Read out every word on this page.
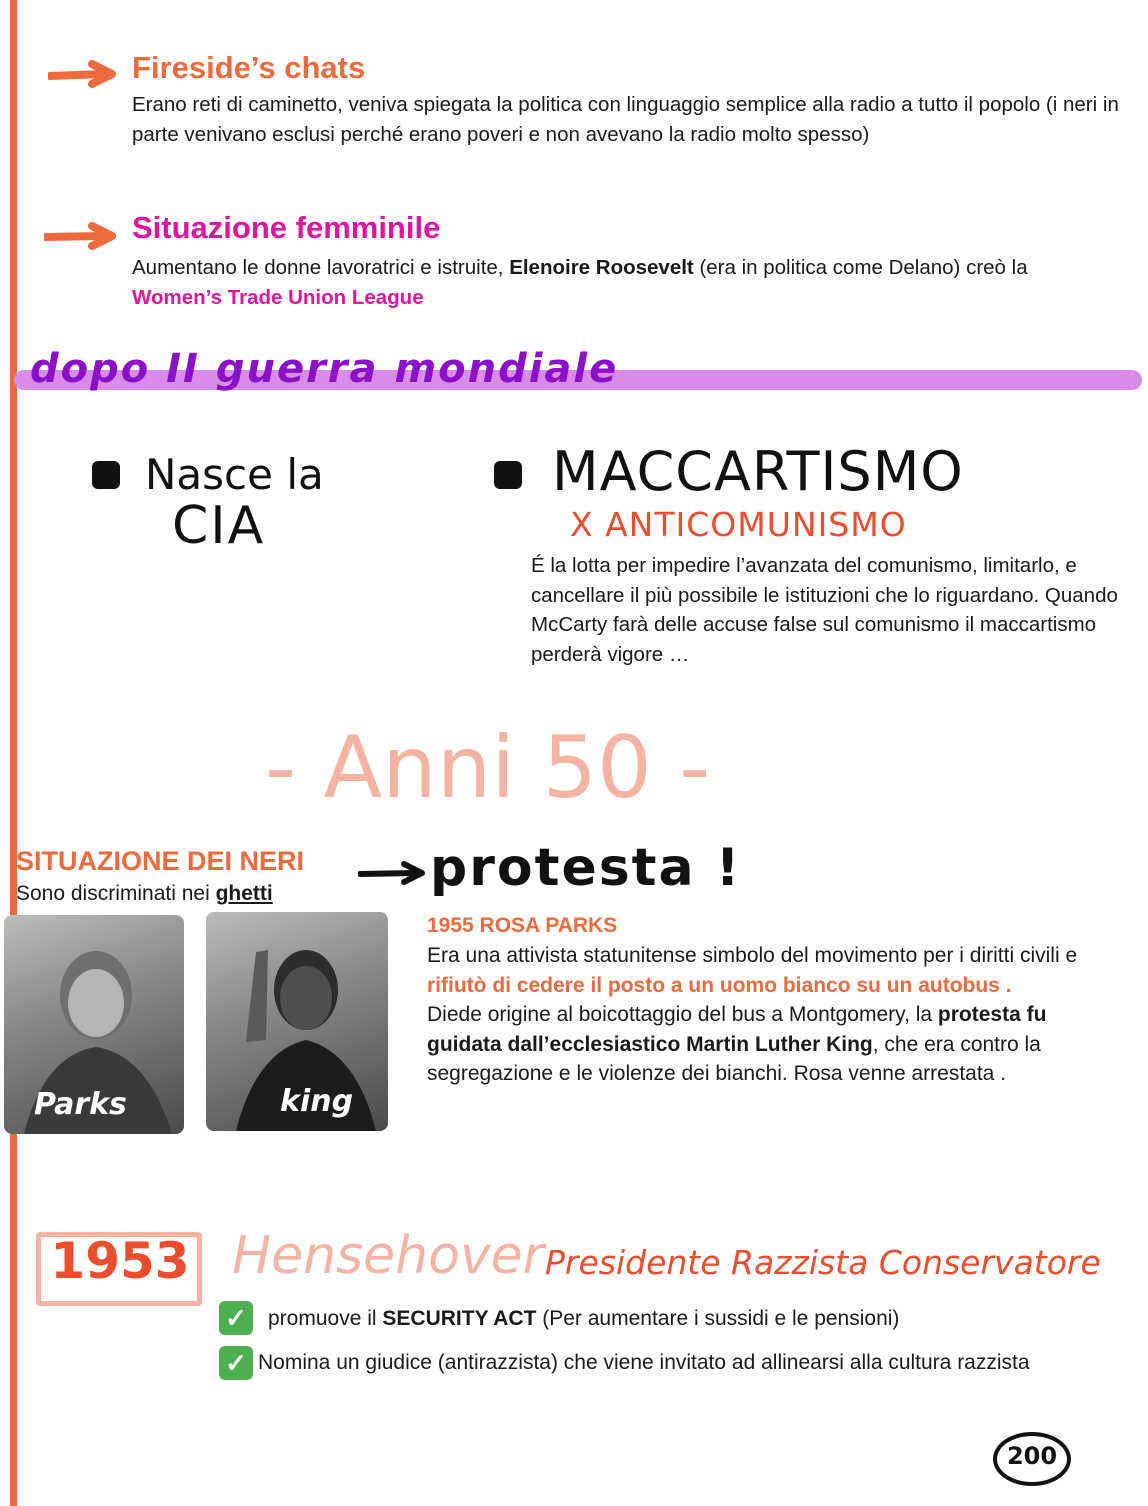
Fireside’s chats
Erano reti di caminetto, veniva spiegata la politica con linguaggio semplice alla radio a tutto il popolo (i neri in parte venivano esclusi perché erano poveri e non avevano la radio molto spesso)
Situazione femminile
Aumentano le donne lavoratrici e istruite, Elenoire Roosevelt (era in politica come Delano) creò la Women’s Trade Union League
dopo II guerra mondiale
Nasce la
CIA
MACCARTISMO
X ANTICOMUNISMO
É la lotta per impedire l’avanzata del comunismo, limitarlo, e cancellare il più possibile le istituzioni che lo riguardano. Quando McCarty farà delle accuse false sul comunismo il maccartismo perderà vigore …
- Anni 50 -
SITUAZIONE DEI NERI
Sono discriminati nei ghetti	protesta !
Parks	king
1955 ROSA PARKS
Era una attivista statunitense simbolo del movimento per i diritti civili e rifiutò di cedere il posto a un uomo bianco su un autobus .
Diede origine al boicottaggio del bus a Montgomery, la protesta fu guidata dall’ecclesiastico Martin Luther King, che era contro la segregazione e le violenze dei bianchi. Rosa venne arrestata .
1953 Hensehover Presidente Razzista Conservatore
✓ promuove il SECURITY ACT (Per aumentare i sussidi e le pensioni)
✓ Nomina un giudice (antirazzista) che viene invitato ad allinearsi alla cultura razzista
200
